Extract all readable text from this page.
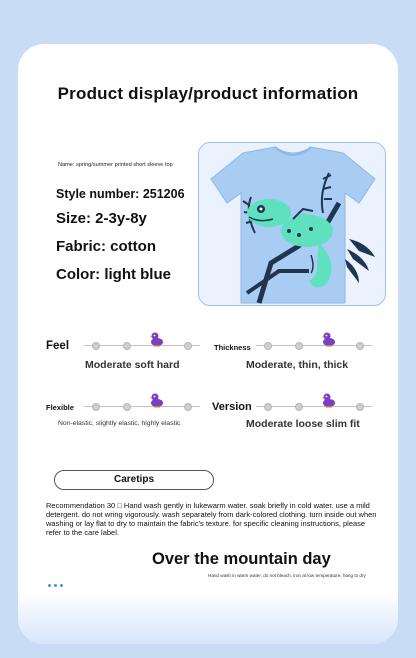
Product display/product information
Name: spring/summer printed short sleeve top
Style number: 251206
Size: 2-3y-8y
Fabric: cotton
Color: light blue
Feel
Moderate soft hard
Thickness
Moderate, thin, thick
Flexible
Non-elastic, slightly elastic, highly elastic
Version
Moderate loose slim fit
Caretips
Recommendation 30 □ Hand wash gently in lukewarm water. soak briefly in cold water. use a mild detergent. do not wring vigorously. wash separately from dark-colored clothing. turn inside out when washing or lay flat to dry to maintain the fabric's texture. for specific cleaning instructions, please refer to the care label.
Over the mountain day
Hand wash in warm water, do not bleach, iron at low temperature, hang to dry
